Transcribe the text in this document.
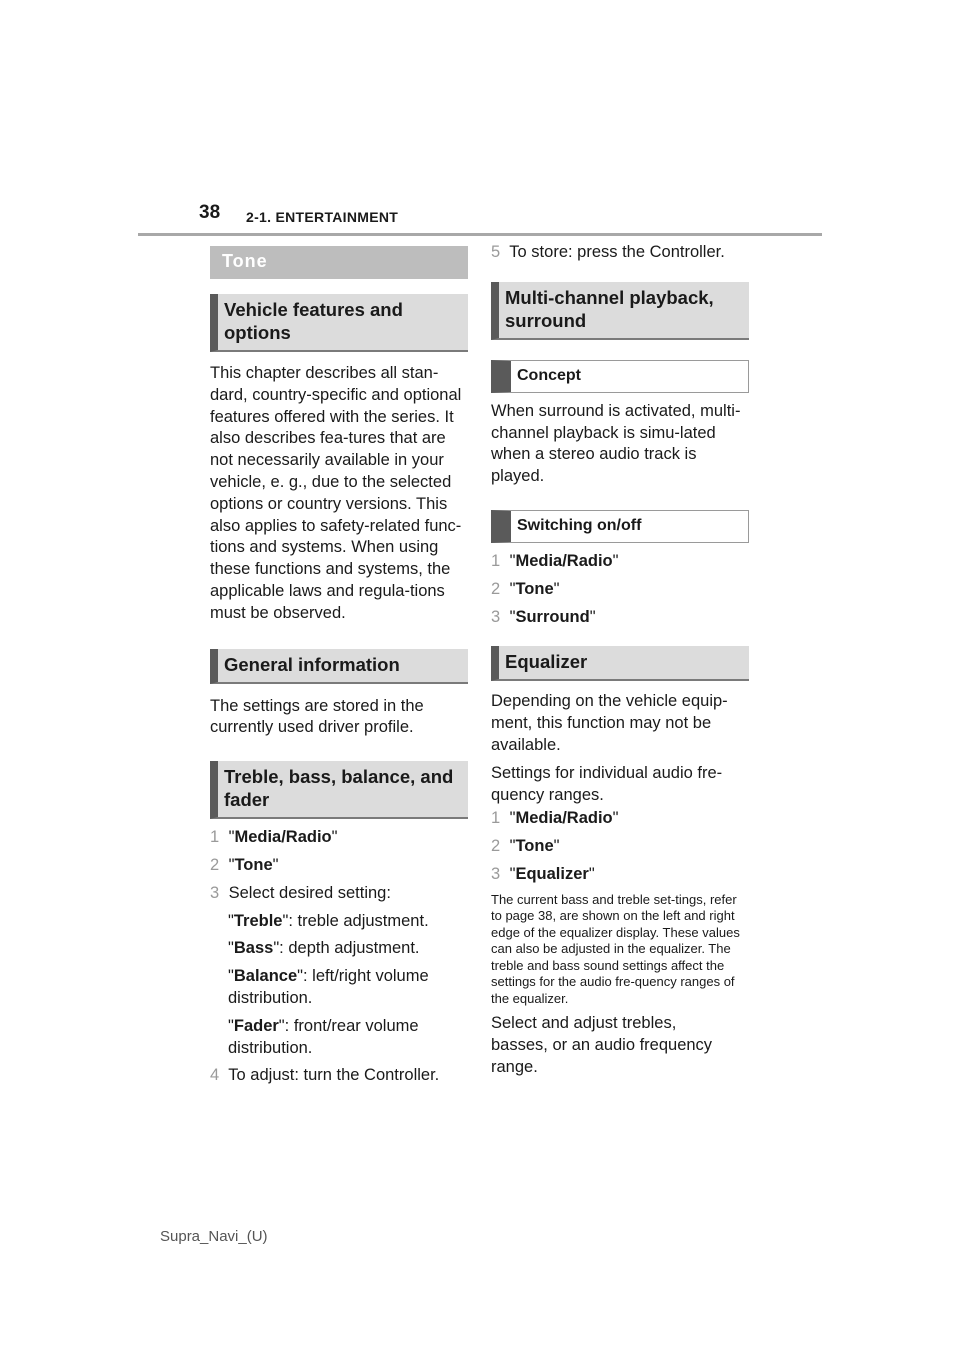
38 2-1. ENTERTAINMENT
Tone
Vehicle features and options

This chapter describes all stan-dard, country-specific and optional features offered with the series. It also describes fea-tures that are not necessarily available in your vehicle, e. g., due to the selected options or country versions. This also applies to safety-related func-tions and systems. When using these functions and systems, the applicable laws and regula-tions must be observed.

General information

The settings are stored in the currently used driver profile.

Treble, bass, balance, and fader
1 "Media/Radio"
2 "Tone"
3 Select desired setting:
"Treble": treble adjustment.
"Bass": depth adjustment.
"Balance": left/right volume distribution.
"Fader": front/rear volume distribution.
4 To adjust: turn the Controller.
5 To store: press the Controller.
Multi-channel playback, surround
Concept

When surround is activated, multi-channel playback is simu-lated when a stereo audio track is played.

Switching on/off
1 "Media/Radio"
2 "Tone"
3 "Surround"
Equalizer

Depending on the vehicle equip-ment, this function may not be available.

Settings for individual audio fre-quency ranges.

1 "Media/Radio"
2 "Tone"
3 "Equalizer"

The current bass and treble set-tings, refer to page 38, are shown on the left and right edge of the equalizer display. These values can also be adjusted in the equalizer. The treble and bass sound settings affect the settings for the audio fre-quency ranges of the equalizer.

Select and adjust trebles, basses, or an audio frequency range.

Supra_Navi_(U)
